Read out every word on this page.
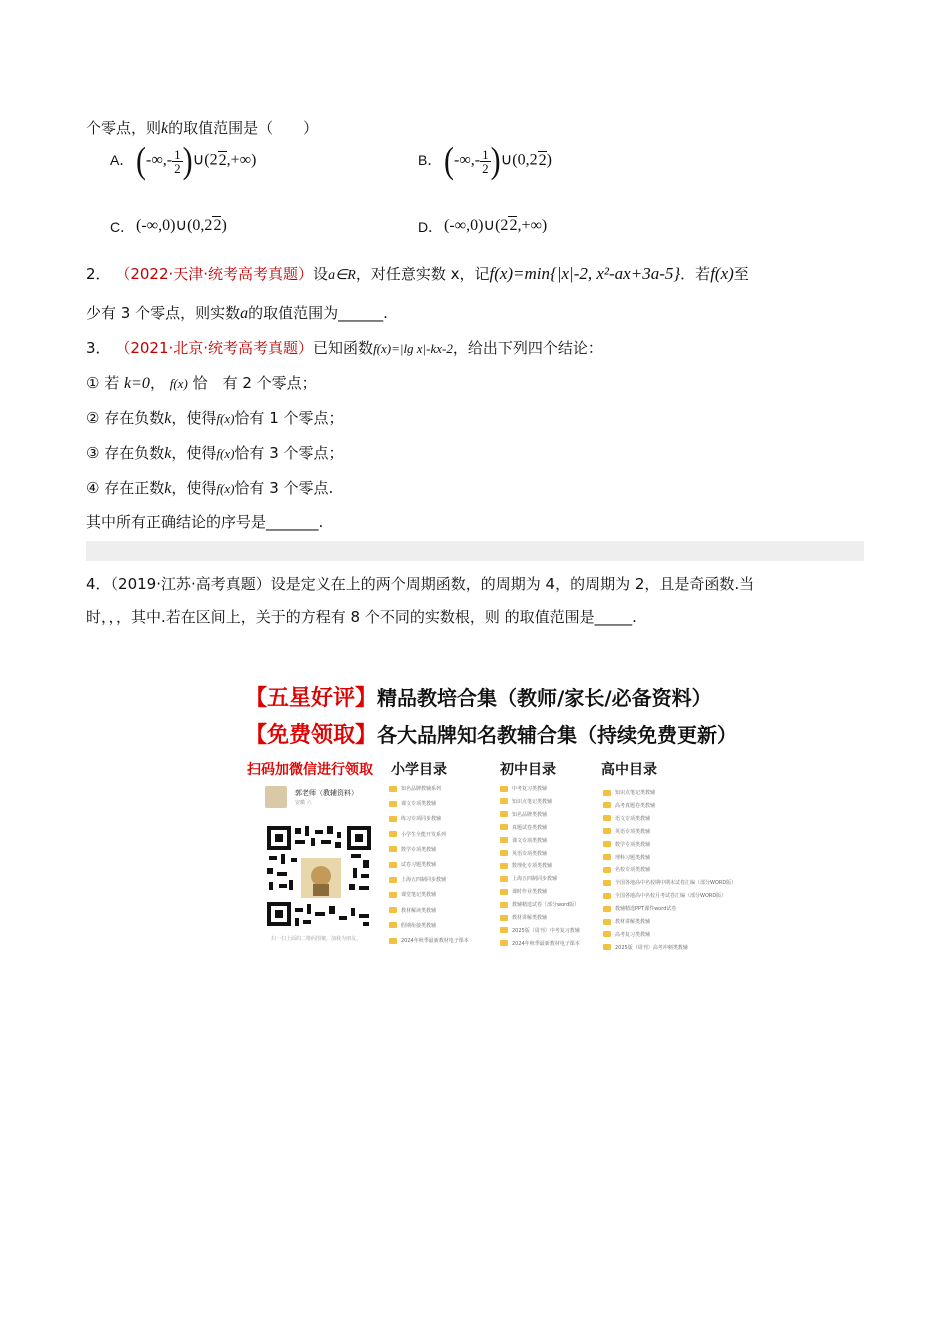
个零点，则k的取值范围是（　　）
A． (-∞,- $\frac{1}{2}$ )∪(22,+∞)	B． (-∞,- $\frac{1}{2}$ )∪(0,22)
C． (-∞,0)∪(0,22)	D． (-∞,0)∪(22,+∞)
2． （2022·天津·统考高考真题）设a∈R，对任意实数 x，记f(x)=min{|x|-2, x²-ax+3a-5}．若f(x)至
少有 3 个零点，则实数a的取值范围为______.
3． （2021·北京·统考高考真题）已知函数f(x)=|lg x|-kx-2，给出下列四个结论：
① 若 k=0， f(x) 恰　有 2 个零点；
② 存在负数k，使得f(x)恰有 1 个零点；
③ 存在负数k，使得f(x)恰有 3 个零点；
④ 存在正数k，使得f(x)恰有 3 个零点.
其中所有正确结论的序号是_______.
4．（2019·江苏·高考真题）设是定义在上的两个周期函数，的周期为 4，的周期为 2，且是奇函数.当
时，，，其中.若在区间上，关于的方程有 8 个不同的实数根，则 的取值范围是_____.
【五星好评】精品教培合集（教师/家长/必备资料）
【免费领取】各大品牌知名教辅合集（持续免费更新）
扫码加微信进行领取 小学目录	初中目录	高中目录
郭老师（教辅资料）
安徽 六
扫一扫上面的二维码图案，加我为朋友。
知名品牌教辅系列
课文专项类教辅
练习专项同步教辅
小学生全能开发系列
数学专项类教辅
试卷习题类教辅
上海五四制同步教辅
课堂笔记类教辅
教材解读类教辅
假期衔接类教辅
2024年秋季最新教材电子课本
中考复习类教辅
知识点笔记类教辅
知名品牌类教辅
真题试卷类教辅
课文专项类教辅
英语专项类教辅
数理化专项类教辅
上海五四制同步教辅
课时作业类教辅
教辅精选试卷（部分word版）
教材讲解类教辅
2025版（周刊）中考复习教辅
2024年秋季最新教材电子课本
知识点笔记类教辅
高考真题卷类教辅
语文专项类教辅
英语专项类教辅
数学专项类教辅
理科习题类教辅
名校专项类教辅
全国各地高中名校期中期末试卷汇编（部分WORD版）
全国各地高中名校月考试卷汇编（部分WORD版）
教辅精选PPT课件word试卷
教材讲解类教辅
高考复习类教辅
2025版（周刊）高考冲刺类教辅
